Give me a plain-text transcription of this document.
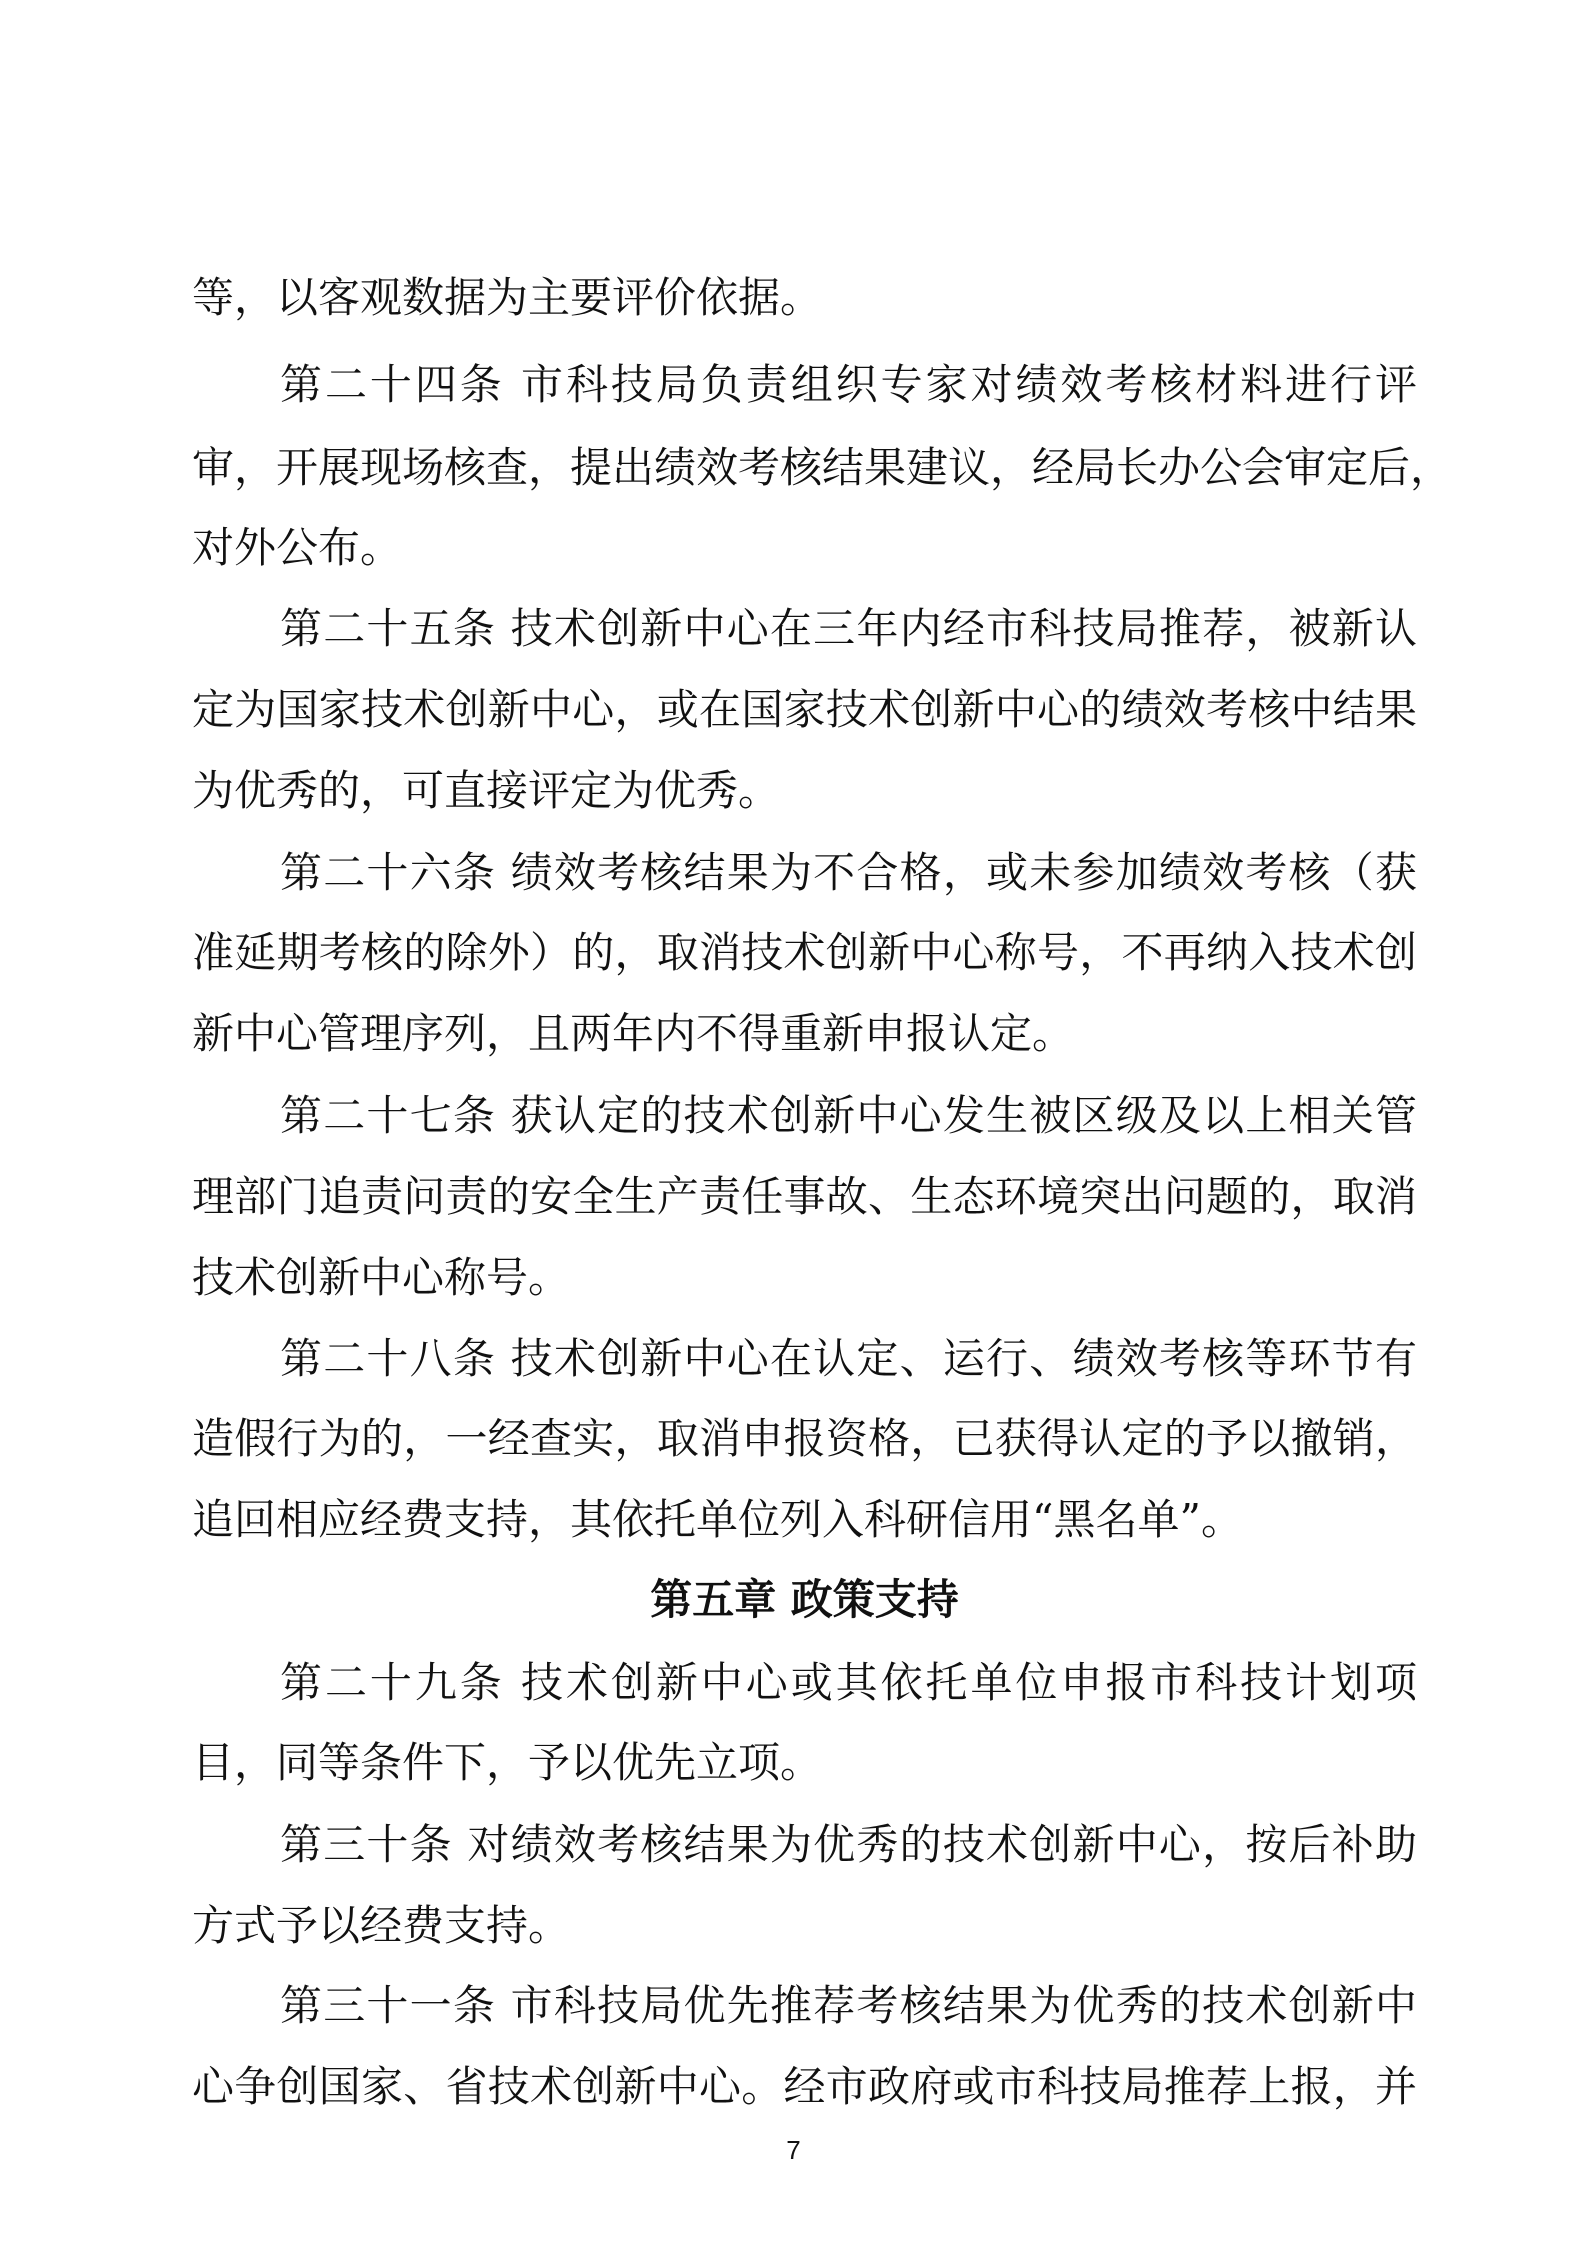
等，以客观数据为主要评价依据。
第二十四条 市科技局负责组织专家对绩效考核材料进行评
审，开展现场核查，提出绩效考核结果建议，经局长办公会审定后，
对外公布。
第二十五条 技术创新中心在三年内经市科技局推荐，被新认
定为国家技术创新中心，或在国家技术创新中心的绩效考核中结果
为优秀的，可直接评定为优秀。
第二十六条 绩效考核结果为不合格，或未参加绩效考核（获
准延期考核的除外）的，取消技术创新中心称号，不再纳入技术创
新中心管理序列，且两年内不得重新申报认定。
第二十七条 获认定的技术创新中心发生被区级及以上相关管
理部门追责问责的安全生产责任事故、生态环境突出问题的，取消
技术创新中心称号。
第二十八条 技术创新中心在认定、运行、绩效考核等环节有
造假行为的，一经查实，取消申报资格，已获得认定的予以撤销，
追回相应经费支持，其依托单位列入科研信用“黑名单”。
第五章 政策支持
第二十九条 技术创新中心或其依托单位申报市科技计划项
目，同等条件下，予以优先立项。
第三十条 对绩效考核结果为优秀的技术创新中心，按后补助
方式予以经费支持。
第三十一条 市科技局优先推荐考核结果为优秀的技术创新中
心争创国家、省技术创新中心。经市政府或市科技局推荐上报，并
7
